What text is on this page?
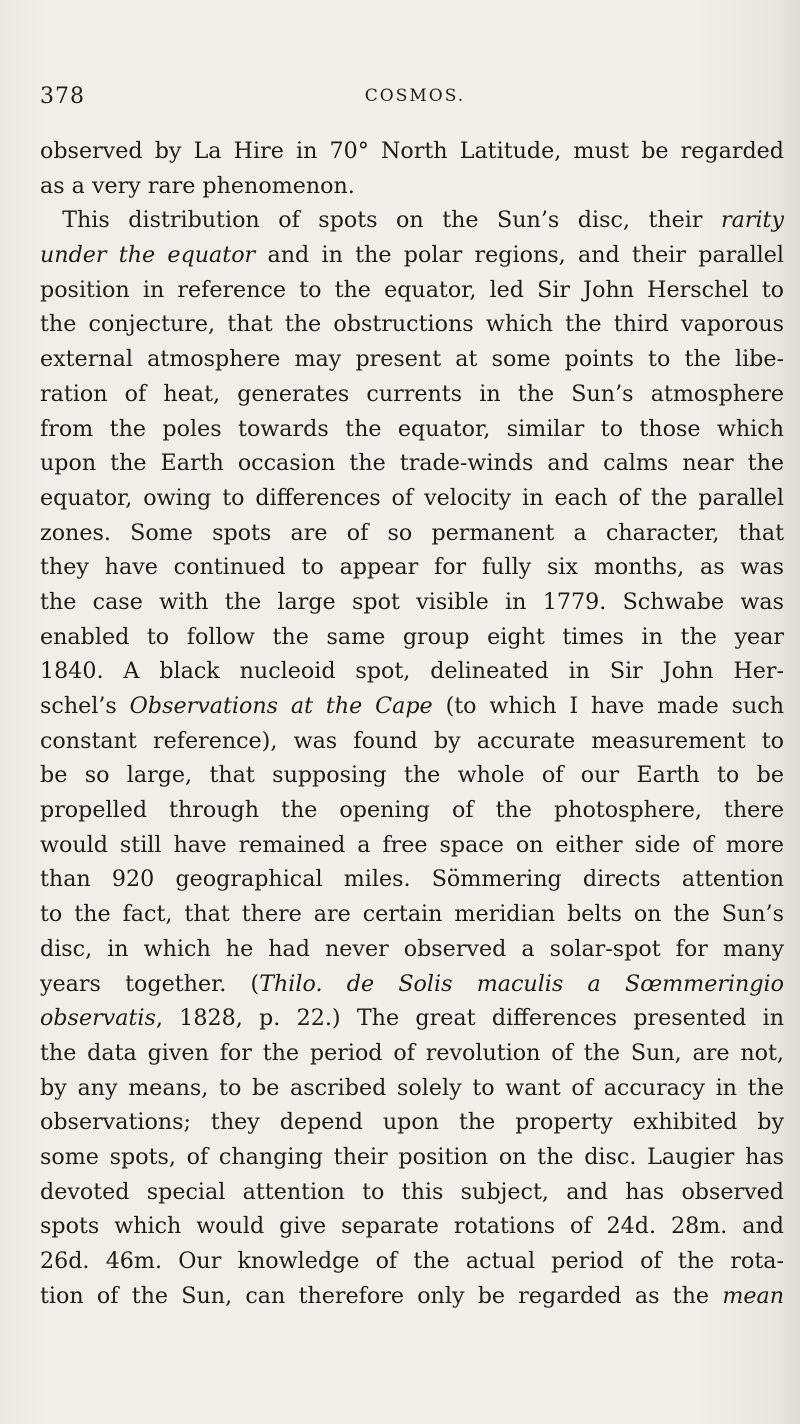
378	COSMOS.
observed by La Hire in 70° North Latitude, must be regarded
as a very rare phenomenon.
 This distribution of spots on the Sun’s disc, their rarity
under the equator and in the polar regions, and their parallel
position in reference to the equator, led Sir John Herschel to
the conjecture, that the obstructions which the third vaporous
external atmosphere may present at some points to the libe-
ration of heat, generates currents in the Sun’s atmosphere
from the poles towards the equator, similar to those which
upon the Earth occasion the trade-winds and calms near the
equator, owing to differences of velocity in each of the parallel
zones. Some spots are of so permanent a character, that
they have continued to appear for fully six months, as was
the case with the large spot visible in 1779. Schwabe was
enabled to follow the same group eight times in the year
1840. A black nucleoid spot, delineated in Sir John Her-
schel’s Observations at the Cape (to which I have made such
constant reference), was found by accurate measurement to
be so large, that supposing the whole of our Earth to be
propelled through the opening of the photosphere, there
would still have remained a free space on either side of more
than 920 geographical miles. Sömmering directs attention
to the fact, that there are certain meridian belts on the Sun’s
disc, in which he had never observed a solar-spot for many
years together. (Thilo. de Solis maculis a Sœmmeringio
observatis, 1828, p. 22.) The great differences presented in
the data given for the period of revolution of the Sun, are not,
by any means, to be ascribed solely to want of accuracy in the
observations; they depend upon the property exhibited by
some spots, of changing their position on the disc. Laugier has
devoted special attention to this subject, and has observed
spots which would give separate rotations of 24d. 28m. and
26d. 46m. Our knowledge of the actual period of the rota-
tion of the Sun, can therefore only be regarded as the mean
